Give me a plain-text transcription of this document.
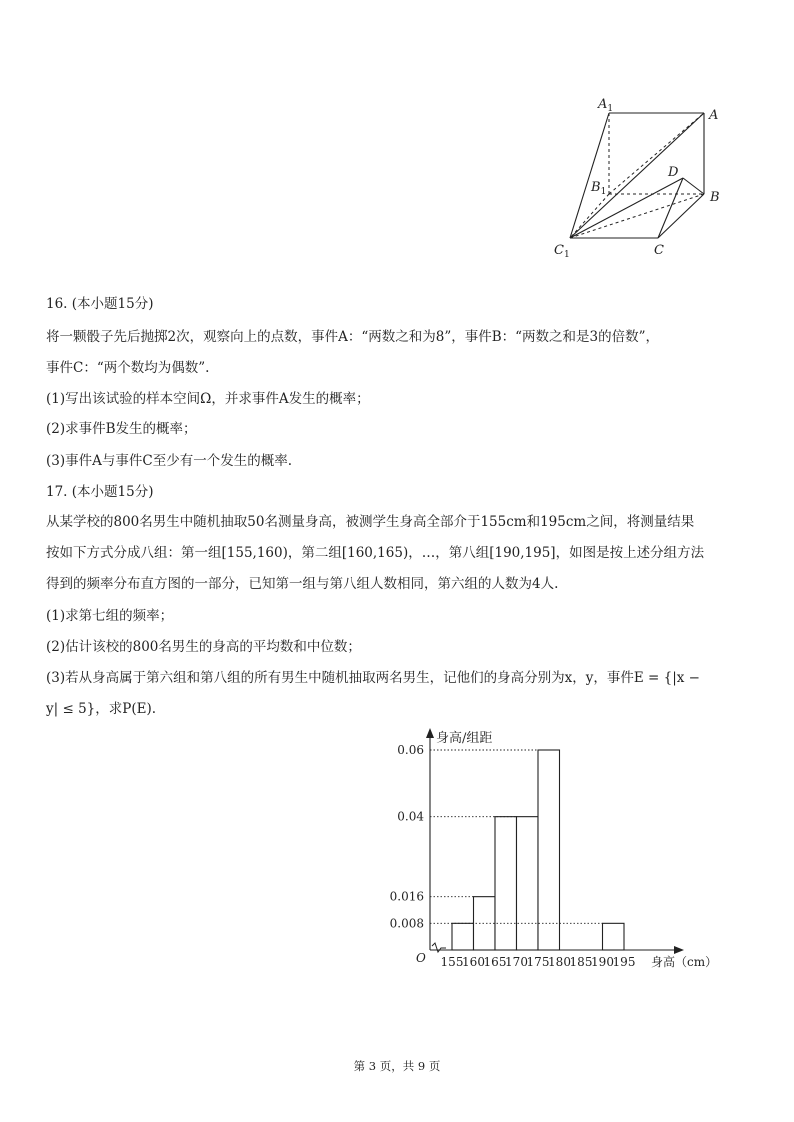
$A_1$	A
$B_1$
D
B
$C_1$	C
16. (本小题15分)
将一颗骰子先后抛掷2次，观察向上的点数，事件A：“两数之和为8”，事件B：“两数之和是3的倍数”，
事件C：“两个数均为偶数”.
(1)写出该试验的样本空间Ω，并求事件A发生的概率；
(2)求事件B发生的概率；
(3)事件A与事件C至少有一个发生的概率.
17. (本小题15分)
从某学校的800名男生中随机抽取50名测量身高，被测学生身高全部介于155cm和195cm之间，将测量结果
按如下方式分成八组：第一组[155,160)，第二组[160,165)，…，第八组[190,195]，如图是按上述分组方法
得到的频率分布直方图的一部分，已知第一组与第八组人数相同，第六组的人数为4人.
(1)求第七组的频率；
(2)估计该校的800名男生的身高的平均数和中位数；
(3)若从身高属于第六组和第八组的所有男生中随机抽取两名男生，记他们的身高分别为x，y，事件E = {|x −
y| ≤ 5}，求P(E).
身高/组距
身高（cm）
O 155
160
165
170
175
180
185
190
195
0.06
0.04
0.016
0.008
第 3 页，共 9 页
